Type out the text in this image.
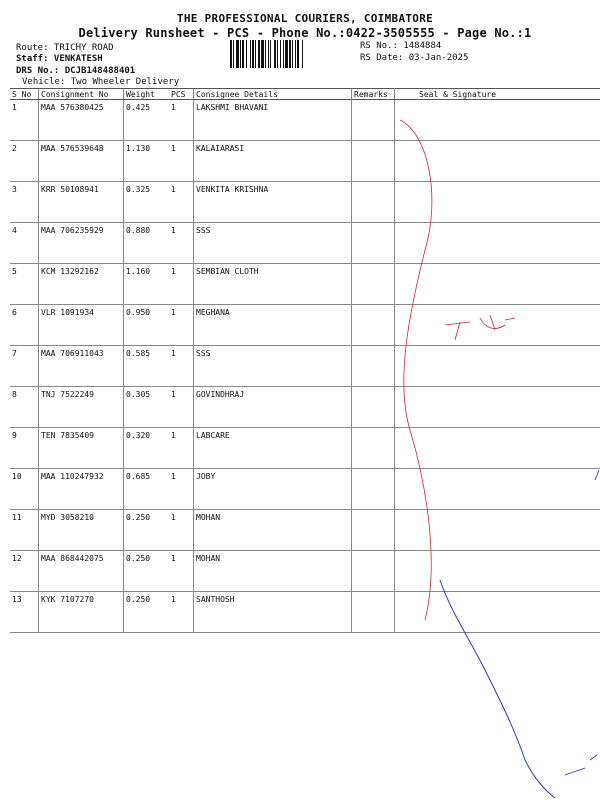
THE PROFESSIONAL COURIERS, COIMBATORE
Delivery Runsheet - PCS - Phone No.:0422-3505555 - Page No.:1
Route: TRICHY ROAD
Staff: VENKATESH
DRS No.: DCJB148488401
Vehicle: Two Wheeler Delivery
RS No.: 1484884
RS Date: 03-Jan-2025
S No	Consignment No	Weight	PCS	Consignee Details	Remarks	Seal & Signature
1	MAA 576380425	0.425	1	LAKSHMI BHAVANI		
2	MAA 576539648	1.130	1	KALAIARASI		
3	KRR 50108941	0.325	1	VENKITA KRISHNA		
4	MAA 706235929	0.880	1	SSS		
5	KCM 13292162	1.160	1	SEMBIAN CLOTH		
6	VLR 1091934	0.950	1	MEGHANA		
7	MAA 706911043	0.585	1	SSS		
8	TNJ 7522249	0.305	1	GOVINDHRAJ		
9	TEN 7835409	0.320	1	LABCARE		
10	MAA 110247932	0.685	1	JOBY		
11	MYD 3058210	0.250	1	MOHAN		
12	MAA 868442075	0.250	1	MOHAN		
13	KYK 7107270	0.250	1	SANTHOSH		
